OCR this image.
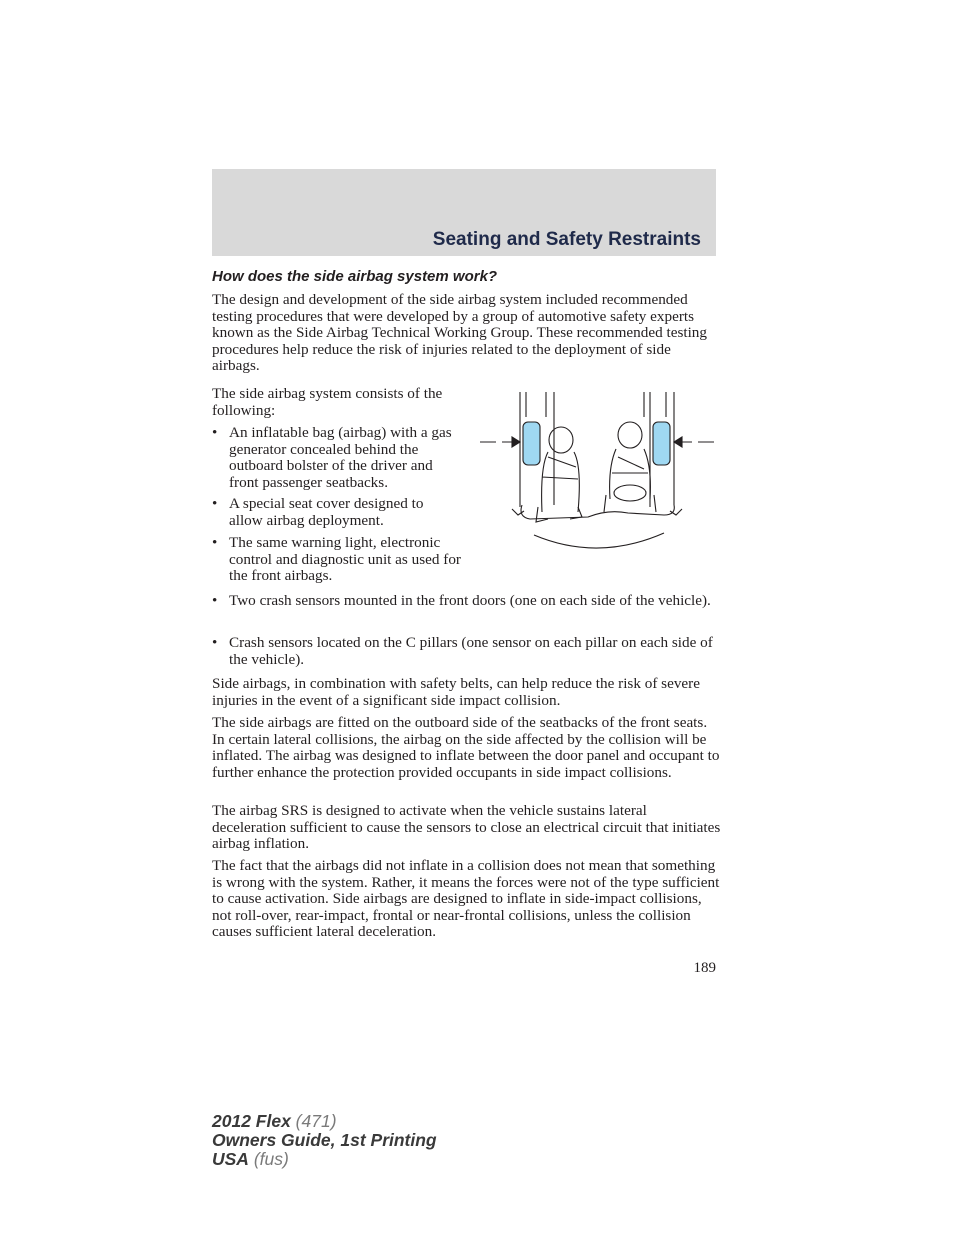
Seating and Safety Restraints
How does the side airbag system work?

The design and development of the side airbag system included recommended testing procedures that were developed by a group of automotive safety experts known as the Side Airbag Technical Working Group. These recommended testing procedures help reduce the risk of injuries related to the deployment of side airbags.

The side airbag system consists of the following:

• An inflatable bag (airbag) with a gas generator concealed behind the outboard bolster of the driver and front passenger seatbacks.
• A special seat cover designed to allow airbag deployment.
• The same warning light, electronic control and diagnostic unit as used for the front airbags.
• Two crash sensors mounted in the front doors (one on each side of the vehicle).
• Crash sensors located on the C pillars (one sensor on each pillar on each side of the vehicle).

Side airbags, in combination with safety belts, can help reduce the risk of severe injuries in the event of a significant side impact collision.

The side airbags are fitted on the outboard side of the seatbacks of the front seats. In certain lateral collisions, the airbag on the side affected by the collision will be inflated. The airbag was designed to inflate between the door panel and occupant to further enhance the protection provided occupants in side impact collisions.

The airbag SRS is designed to activate when the vehicle sustains lateral deceleration sufficient to cause the sensors to close an electrical circuit that initiates airbag inflation.

The fact that the airbags did not inflate in a collision does not mean that something is wrong with the system. Rather, it means the forces were not of the type sufficient to cause activation. Side airbags are designed to inflate in side-impact collisions, not roll-over, rear-impact, frontal or near-frontal collisions, unless the collision causes sufficient lateral deceleration.

189
2012 Flex (471)
Owners Guide, 1st Printing
USA (fus)
